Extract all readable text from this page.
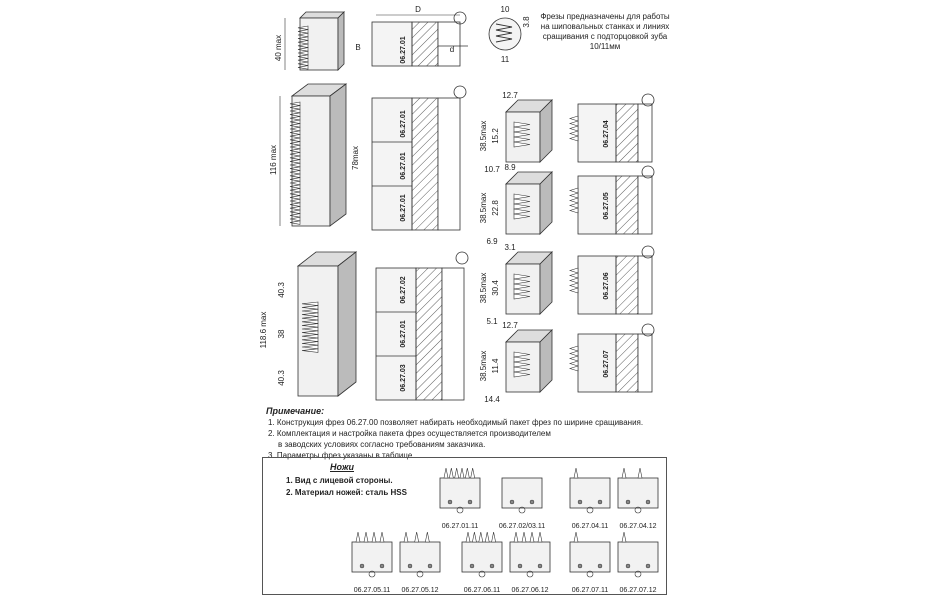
40 max	06.27.01
D
B	d
10
11
3.8
116 max
06.27.01
06.27.01
06.27.01
78max
118.6 max
40.3
38
40.3
06.27.02
06.27.01
06.27.03
06.27.04
12.7
38.5max 15.2
10.7
06.27.05
8.9
38.5max 22.8
6.9
06.27.06
3.1
38.5max 30.4
5.1
06.27.07
12.7
38.5max 11.4
14.4
Фрезы предназначены для работы
на шиповальных станках и линиях
сращивания с подторцовкой зуба
10/11мм
Примечание:
1. Конструкция фрез 06.27.00 позволяет набирать необходимый пакет фрез по ширине сращивания.
2. Комплектация и настройка пакета фрез осуществляется производителем
в заводских условиях согласно требованиям заказчика.
3. Параметры фрез указаны в таблице.
Ножи
1. Вид с лицевой стороны.
2. Материал ножей: сталь HSS
06.27.01.11	06.27.02/03.11	06.27.04.11 06.27.04.12
06.27.05.11 06.27.05.12	06.27.06.11 06.27.06.12	06.27.07.11 06.27.07.12
